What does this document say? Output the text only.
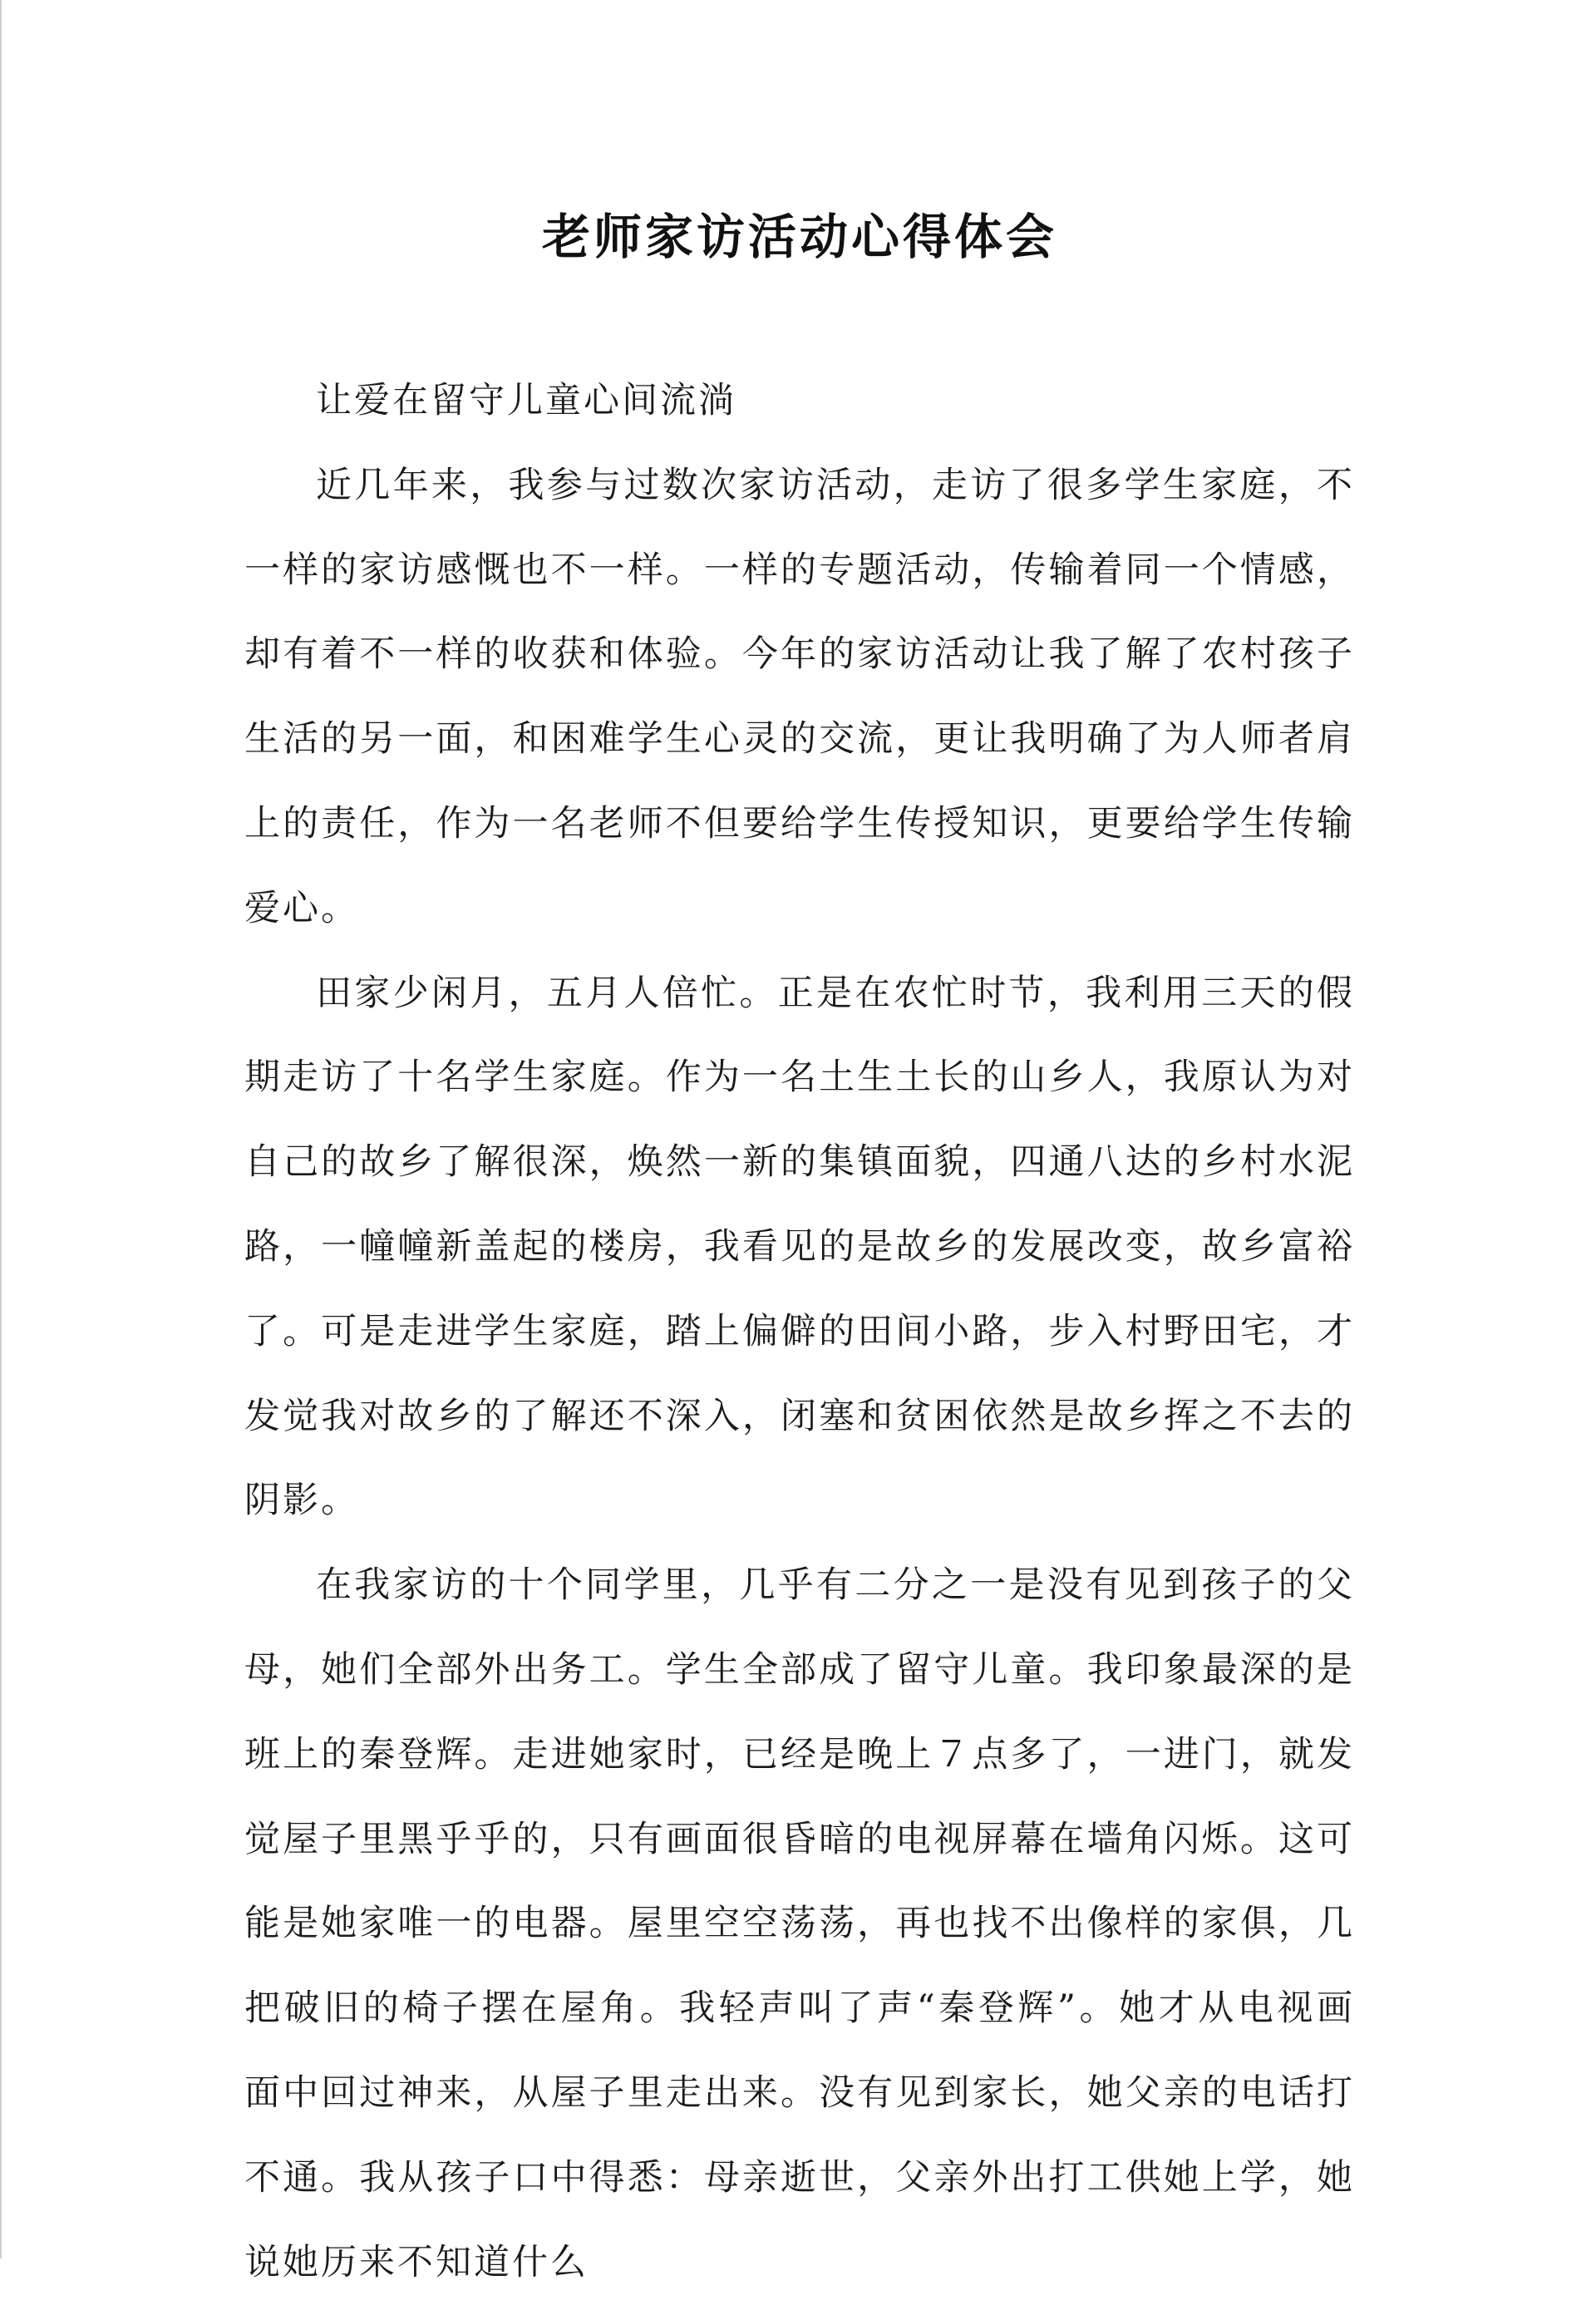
老师家访活动心得体会

让爱在留守儿童心间流淌

近几年来，我参与过数次家访活动，走访了很多学生家庭，不一样的家访感慨也不一样。一样的专题活动，传输着同一个情感，却有着不一样的收获和体验。今年的家访活动让我了解了农村孩子生活的另一面，和困难学生心灵的交流，更让我明确了为人师者肩上的责任，作为一名老师不但要给学生传授知识，更要给学生传输爱心。

田家少闲月，五月人倍忙。正是在农忙时节，我利用三天的假期走访了十名学生家庭。作为一名土生土长的山乡人，我原认为对自己的故乡了解很深，焕然一新的集镇面貌，四通八达的乡村水泥路，一幢幢新盖起的楼房，我看见的是故乡的发展改变，故乡富裕了。可是走进学生家庭，踏上偏僻的田间小路，步入村野田宅，才发觉我对故乡的了解还不深入，闭塞和贫困依然是故乡挥之不去的阴影。

在我家访的十个同学里，几乎有二分之一是没有见到孩子的父母，她们全部外出务工。学生全部成了留守儿童。我印象最深的是班上的秦登辉。走进她家时，已经是晚上７点多了，一进门，就发觉屋子里黑乎乎的，只有画面很昏暗的电视屏幕在墙角闪烁。这可能是她家唯一的电器。屋里空空荡荡，再也找不出像样的家俱，几把破旧的椅子摆在屋角。我轻声叫了声“秦登辉”。她才从电视画面中回过神来，从屋子里走出来。没有见到家长，她父亲的电话打不通。我从孩子口中得悉：母亲逝世，父亲外出打工供她上学，她说她历来不知道什么
